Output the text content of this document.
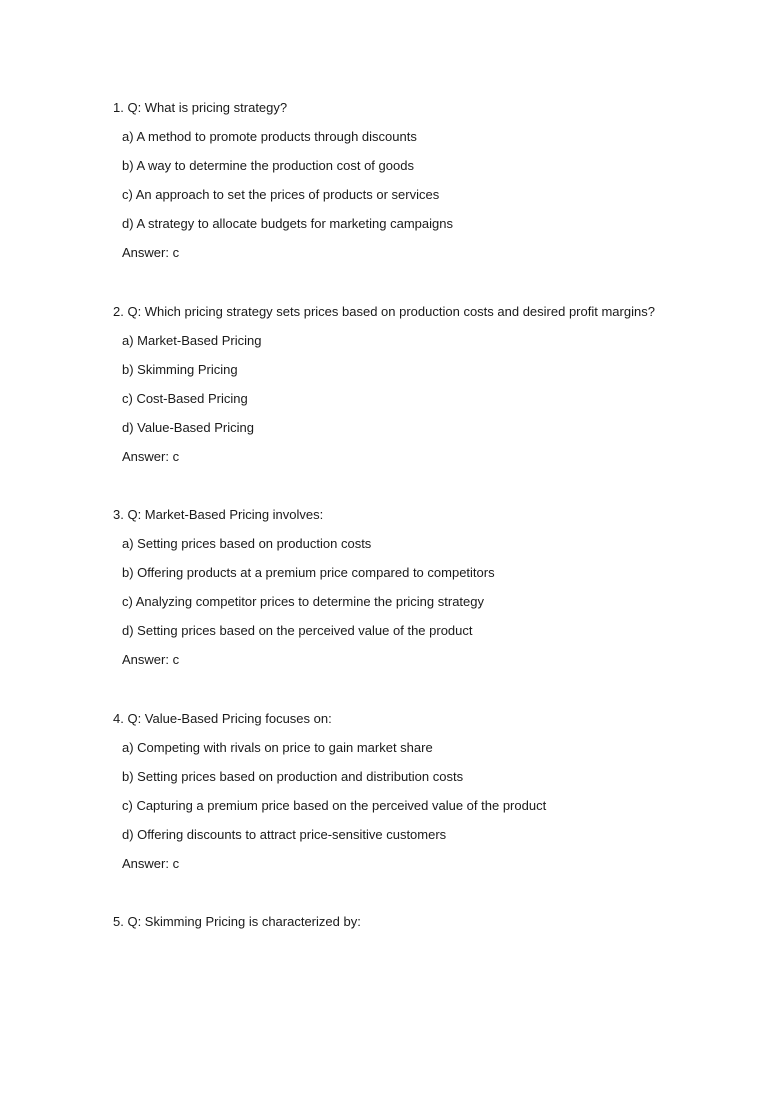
1. Q: What is pricing strategy?
a) A method to promote products through discounts
b) A way to determine the production cost of goods
c) An approach to set the prices of products or services
d) A strategy to allocate budgets for marketing campaigns
Answer: c
2. Q: Which pricing strategy sets prices based on production costs and desired profit margins?
a) Market-Based Pricing
b) Skimming Pricing
c) Cost-Based Pricing
d) Value-Based Pricing
Answer: c
3. Q: Market-Based Pricing involves:
a) Setting prices based on production costs
b) Offering products at a premium price compared to competitors
c) Analyzing competitor prices to determine the pricing strategy
d) Setting prices based on the perceived value of the product
Answer: c
4. Q: Value-Based Pricing focuses on:
a) Competing with rivals on price to gain market share
b) Setting prices based on production and distribution costs
c) Capturing a premium price based on the perceived value of the product
d) Offering discounts to attract price-sensitive customers
Answer: c
5. Q: Skimming Pricing is characterized by:
